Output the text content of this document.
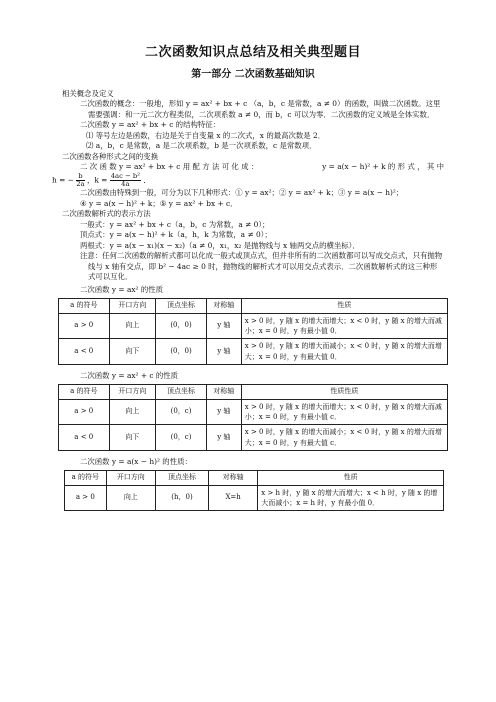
二次函数知识点总结及相关典型题目
第一部分 二次函数基础知识

相关概念及定义

二次函数的概念：一般地，形如 y = ax² + bx + c （a，b，c 是常数，a ≠ 0）的函数，叫做二次函数。这里需要强调：和一元二次方程类似，二次项系数 a ≠ 0，而 b，c 可以为零．二次函数的定义域是全体实数．

二次函数 y = ax² + bx + c 的结构特征：

⑴ 等号左边是函数，右边是关于自变量 x 的二次式，x 的最高次数是 2．

⑵ a，b，c 是常数，a 是二次项系数，b 是一次项系数，c 是常数项．

二次函数各种形式之间的变换

二 次 函 数 y = ax² + bx + c 用 配 方 法 可 化 成 ：	y = a(x − h)² + k 的 形 式 ， 其 中

h = − $\frac{b}{2a}$ ，$k = \frac{\text{4ac − b²}}{4a}$ ．

二次函数由特殊到一般，可分为以下几种形式：① y = ax²；② y = ax² + k；③ y = a(x − h)²；

④ y = a(x − h)² + k；⑤ y = ax² + bx + c．

二次函数解析式的表示方法

一般式：y = ax² + bx + c（a，b，c 为常数，a ≠ 0）；

顶点式：y = a(x − h)² + k（a，h，k 为常数，a ≠ 0）；

两根式：y = a(x − x₁)(x − x₂)（a ≠ 0，x₁，x₂ 是抛物线与 x 轴两交点的横坐标）．

注意：任何二次函数的解析式都可以化成一般式或顶点式，但并非所有的二次函数都可以写成交点式，只有抛物线与 x 轴有交点，即 b² − 4ac ≥ 0 时，抛物线的解析式才可以用交点式表示．二次函数解析式的这三种形式可以互化．

二次函数 y = ax² 的性质

a 的符号	开口方向	顶点坐标	对称轴	性质
a > 0	向上	(0，0)	y 轴	x > 0 时，y 随 x 的增大而增大；x < 0 时，y 随 x 的增大而减小；x = 0 时，y 有最小值 0．
a < 0	向下	(0，0)	y 轴	x > 0 时，y 随 x 的增大而减小；x < 0 时，y 随 x 的增大而增大；x = 0 时，y 有最大值 0．

二次函数 y = ax² + c 的性质

a 的符号	开口方向	顶点坐标	对称轴	性质性质
a > 0	向上	(0，c)	y 轴	x > 0 时，y 随 x 的增大而增大；x < 0 时，y 随 x 的增大而减小；x = 0 时，y 有最小值 c．
a < 0	向下	(0，c)	y 轴	x > 0 时，y 随 x 的增大而减小；x < 0 时，y 随 x 的增大而增大；x = 0 时，y 有最大值 c．

二次函数 y = a(x − h)² 的性质：

a 的符号	开口方向	顶点坐标	对称轴	性质
a > 0	向上	(h，0)	X=h	x > h 时，y 随 x 的增大而增大；x < h 时，y 随 x 的增大而减小；x = h 时，y 有最小值 0．
